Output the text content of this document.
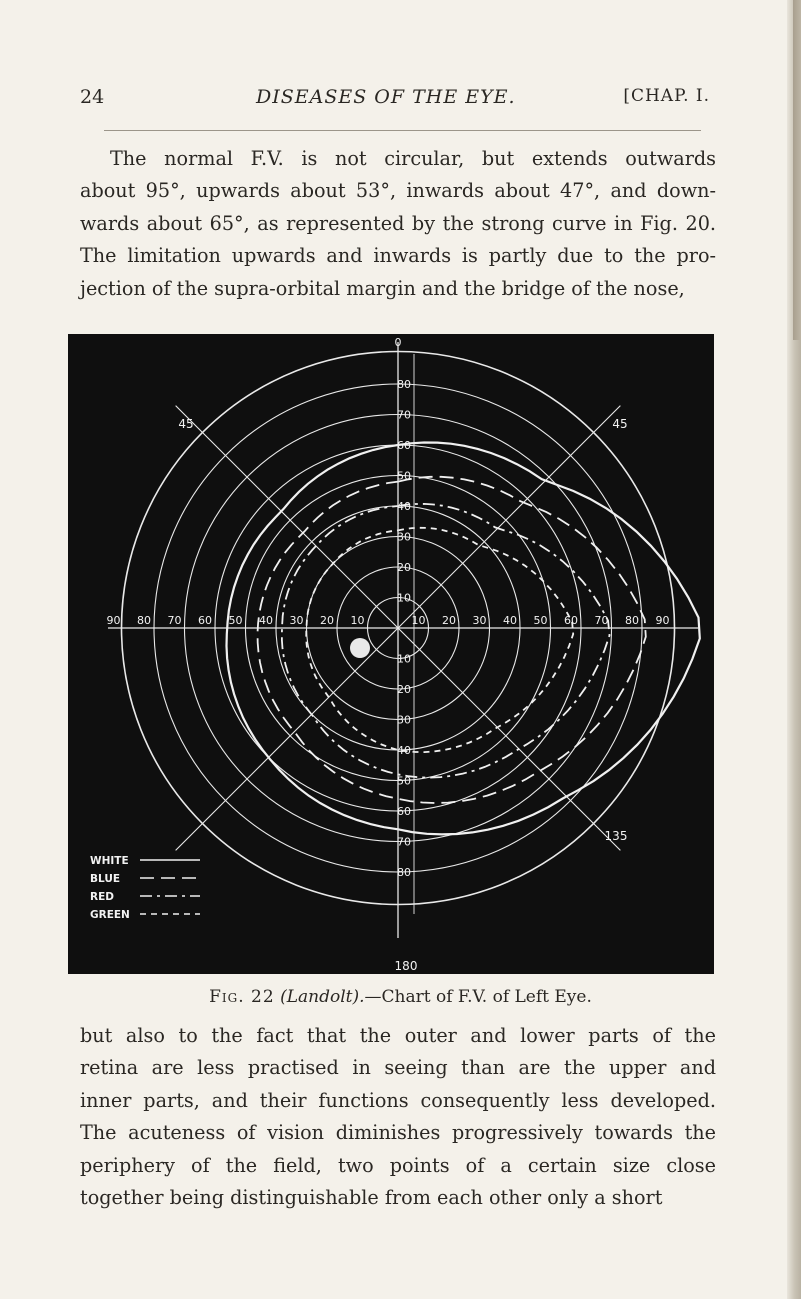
24	DISEASES OF THE EYE.	[CHAP. I.
The normal F.V. is not circular, but extends outwards
about 95°, upwards about 53°, inwards about 47°, and down-
wards about 65°, as represented by the strong curve in Fig. 20.
The limitation upwards and inwards is partly due to the pro-
jection of the supra-orbital margin and the bridge of the nose,
0
180
45	45
135
80
70
60
50
40
30
20
10
10
20
30
40
50
60
70
80
90 80 70 60 50 40 30 20 10	10 20 30 40 50 60 70 80 90
WHITE
BLUE
RED
GREEN
Fig. 22 (Landolt).—Chart of F.V. of Left Eye.
but also to the fact that the outer and lower parts of the
retina are less practised in seeing than are the upper and
inner parts, and their functions consequently less developed.
The acuteness of vision diminishes progressively towards the
periphery of the field, two points of a certain size close
together being distinguishable from each other only a short
